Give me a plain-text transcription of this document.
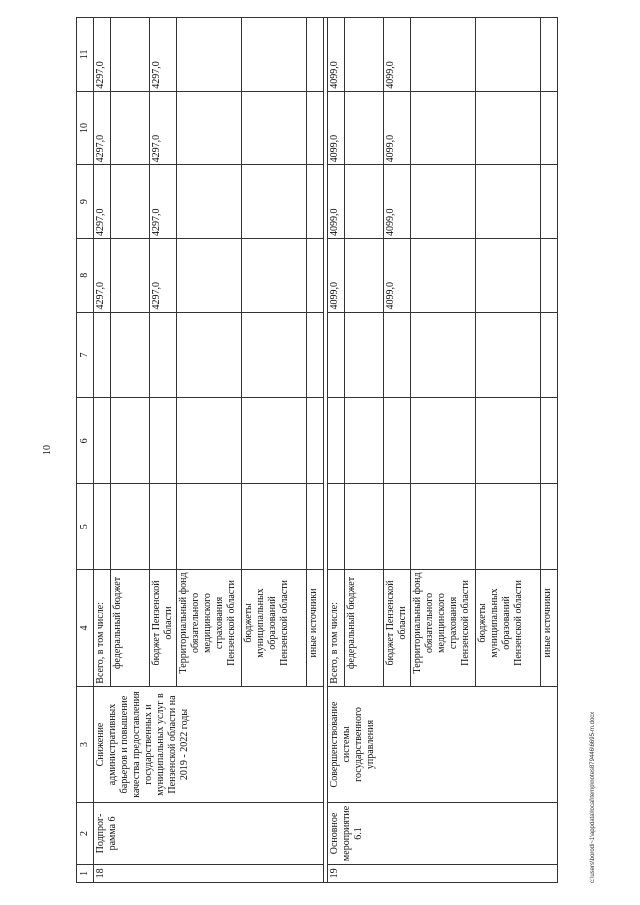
10
1	2	3	4	5	6	7	8	9	10	11
18	Подпрог-рамма 6	Снижение административных барьеров и повышение качества предоставления государственных и муниципальных услуг в Пензенской области на 2019 - 2022 годы	Всего, в том числе:				4297,0	4297,0	4297,0	4297,0
			федеральный бюджет							
			бюджет Пензенской области				4297,0	4297,0	4297,0	4297,0
			Территориальный фонд обязательного медицинского страхования Пензенской области							
			бюджеты муниципальных образований Пензенской области							
			иные источники							

19	Основное мероприятие 6.1	Совершенствование системы государственного управления	Всего, в том числе:				4099,0	4099,0	4099,0	4099,0
			федеральный бюджет							
			бюджет Пензенской области				4099,0	4099,0	4099,0	4099,0
			Территориальный фонд обязательного медицинского страхования Пензенской области							
			бюджеты муниципальных образований Пензенской области							
			иные источники							
c:\users\borodi~1\appdata\local\temp\notes879446\6695-m.docx
